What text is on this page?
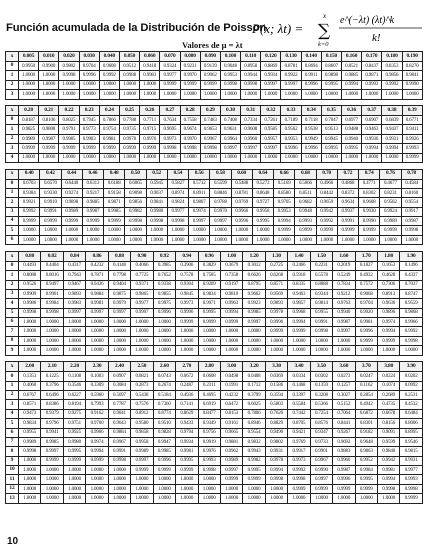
Función acumulada de la Distribución de Poisson
P(x; λt) = ∑
x
k=0
e^(−λt) (λt)^k
k!
Valores de μ = λt
x	0.005	0.010	0.020	0.030	0.040	0.050	0.060	0.070	0.080	0.090	0.100	0.110	0.120	0.130	0.140	0.150	0.160	0.170	0.180	0.190
0	0.9950	0.9900	0.9802	0.9704	0.9608	0.9512	0.9418	0.9324	0.9231	0.9139	0.9048	0.8958	0.8869	0.8781	0.8694	0.8607	0.8521	0.8437	0.8353	0.8270
1	1.0000	1.0000	0.9998	0.9996	0.9992	0.9988	0.9983	0.9977	0.9970	0.9962	0.9953	0.9944	0.9934	0.9922	0.9911	0.9898	0.9885	0.9871	0.9856	0.9841
2	1.0000	1.0000	1.0000	1.0000	1.0000	1.0000	1.0000	0.9999	0.9999	0.9999	0.9998	0.9998	0.9997	0.9997	0.9996	0.9995	0.9994	0.9993	0.9992	0.9990
3	1.0000	1.0000	1.0000	1.0000	1.0000	1.0000	1.0000	1.0000	1.0000	1.0000	1.0000	1.0000	1.0000	1.0000	1.0000	1.0000	1.0000	1.0000	1.0000	1.0000
x	0.20	0.21	0.22	0.23	0.24	0.25	0.26	0.27	0.28	0.29	0.30	0.31	0.32	0.33	0.34	0.35	0.36	0.37	0.38	0.39
0	0.8187	0.8106	0.8025	0.7945	0.7866	0.7788	0.7711	0.7634	0.7558	0.7483	0.7408	0.7334	0.7261	0.7189	0.7118	0.7047	0.6977	0.6907	0.6839	0.6771
1	0.9825	0.9808	0.9791	0.9773	0.9754	0.9735	0.9715	0.9695	0.9674	0.9653	0.9631	0.9608	0.9585	0.9562	0.9538	0.9513	0.9488	0.9463	0.9437	0.9411
2	0.9989	0.9987	0.9985	0.9983	0.9981	0.9978	0.9976	0.9973	0.9970	0.9967	0.9964	0.9960	0.9957	0.9953	0.9949	0.9945	0.9940	0.9936	0.9931	0.9926
3	0.9999	0.9999	0.9999	0.9999	0.9999	0.9999	0.9999	0.9998	0.9998	0.9998	0.9997	0.9997	0.9997	0.9996	0.9996	0.9995	0.9995	0.9994	0.9994	0.9993
4	1.0000	1.0000	1.0000	1.0000	1.0000	1.0000	1.0000	1.0000	1.0000	1.0000	1.0000	1.0000	1.0000	1.0000	1.0000	1.0000	1.0000	1.0000	1.0000	0.9999
x	0.40	0.42	0.44	0.46	0.48	0.50	0.52	0.54	0.56	0.58	0.60	0.64	0.66	0.68	0.70	0.72	0.74	0.76	0.78
0	0.6703	0.6570	0.6440	0.6313	0.6188	0.6065	0.5945	0.5827	0.5712	0.5599	0.5488	0.5273	0.5169	0.5066	0.4966	0.4868	0.4771	0.4677	0.4584
1	0.9384	0.9330	0.9274	0.9217	0.9158	0.9098	0.9037	0.8974	0.8911	0.8846	0.8781	0.8648	0.8580	0.8511	0.8442	0.8372	0.8302	0.8231	0.8160
2	0.9921	0.9910	0.9898	0.9885	0.9871	0.9856	0.9841	0.9824	0.9807	0.9788	0.9769	0.9727	0.9705	0.9682	0.9659	0.9634	0.9608	0.9582	0.9554
3	0.9992	0.9991	0.9989	0.9987	0.9985	0.9982	0.9980	0.9977	0.9974	0.9970	0.9966	0.9958	0.9953	0.9948	0.9942	0.9937	0.9930	0.9924	0.9917
4	0.9999	0.9999	0.9999	0.9999	0.9999	0.9998	0.9998	0.9998	0.9997	0.9997	0.9996	0.9995	0.9994	0.9993	0.9992	0.9991	0.9990	0.9989	0.9987
5	1.0000	1.0000	1.0000	1.0000	1.0000	1.0000	1.0000	1.0000	1.0000	1.0000	1.0000	1.0000	0.9999	0.9999	0.9999	0.9999	0.9999	0.9999	0.9998
6	1.0000	1.0000	1.0000	1.0000	1.0000	1.0000	1.0000	1.0000	1.0000	1.0000	1.0000	1.0000	1.0000	1.0000	1.0000	1.0000	1.0000	1.0000	1.0000
x	0.80	0.82	0.84	0.86	0.88	0.90	0.92	0.94	0.96	1.00	1.20	1.30	1.40	1.50	1.60	1.70	1.80	1.90
0	0.4493	0.4404	0.4317	0.4232	0.4148	0.4066	0.3985	0.3906	0.3829	0.3679	0.3012	0.2725	0.2466	0.2231	0.2019	0.1827	0.1653	0.1496
1	0.8088	0.8016	0.7943	0.7871	0.7798	0.7725	0.7652	0.7578	0.7505	0.7358	0.6626	0.6268	0.5918	0.5578	0.5249	0.4932	0.4628	0.4337
2	0.9526	0.9497	0.9467	0.9436	0.9404	0.9371	0.9338	0.9304	0.9269	0.9197	0.8795	0.8571	0.8335	0.8088	0.7834	0.7572	0.7306	0.7037
3	0.9909	0.9901	0.9893	0.9884	0.9875	0.9865	0.9855	0.9845	0.9834	0.9810	0.9662	0.9569	0.9463	0.9344	0.9212	0.9068	0.8913	0.8747
4	0.9986	0.9984	0.9983	0.9981	0.9979	0.9977	0.9975	0.9973	0.9971	0.9963	0.9923	0.9893	0.9857	0.9814	0.9763	0.9704	0.9636	0.9559
5	0.9998	0.9998	0.9997	0.9997	0.9997	0.9997	0.9996	0.9996	0.9995	0.9994	0.9985	0.9978	0.9968	0.9955	0.9940	0.9920	0.9896	0.9868
6	1.0000	1.0000	1.0000	1.0000	1.0000	1.0000	1.0000	0.9999	0.9999	0.9999	0.9997	0.9996	0.9994	0.9991	0.9987	0.9981	0.9974	0.9966
7	1.0000	1.0000	1.0000	1.0000	1.0000	1.0000	1.0000	1.0000	1.0000	1.0000	1.0000	0.9999	0.9999	0.9998	0.9997	0.9996	0.9994	0.9992
8	1.0000	1.0000	1.0000	1.0000	1.0000	1.0000	1.0000	1.0000	1.0000	1.0000	1.0000	1.0000	1.0000	1.0000	1.0000	0.9999	0.9999	0.9998
9	1.0000	1.0000	1.0000	1.0000	1.0000	1.0000	1.0000	1.0000	1.0000	1.0000	1.0000	1.0000	1.0000	1.0000	1.0000	1.0000	1.0000	1.0000
x	2.00	2.10	2.20	2.30	2.40	2.50	2.60	2.70	2.80	3.00	3.20	3.30	3.40	3.50	3.60	3.70	3.80	3.90
0	0.1353	0.1225	0.1108	0.1003	0.0907	0.0821	0.0743	0.0672	0.0608	0.0498	0.0408	0.0369	0.0334	0.0302	0.0273	0.0247	0.0224	0.0202
1	0.4060	0.3796	0.3546	0.3309	0.3084	0.2873	0.2674	0.2487	0.2311	0.1991	0.1712	0.1586	0.1468	0.1359	0.1257	0.1162	0.1074	0.0992
2	0.6767	0.6496	0.6227	0.5960	0.5697	0.5438	0.5184	0.4936	0.4695	0.4232	0.3799	0.3594	0.3397	0.3208	0.3027	0.2854	0.2689	0.2531
3	0.8571	0.8386	0.8194	0.7993	0.7787	0.7576	0.7360	0.7141	0.6919	0.6472	0.6025	0.5803	0.5584	0.5366	0.5152	0.4942	0.4735	0.4532
4	0.9473	0.9379	0.9275	0.9162	0.9041	0.8912	0.8774	0.8629	0.8477	0.8153	0.7806	0.7626	0.7442	0.7254	0.7064	0.6872	0.6678	0.6484
5	0.9834	0.9796	0.9751	0.9700	0.9643	0.9580	0.9510	0.9433	0.9349	0.9161	0.8946	0.8829	0.8705	0.8576	0.8441	0.8301	0.8156	0.8006
6	0.9955	0.9941	0.9925	0.9906	0.9884	0.9858	0.9828	0.9794	0.9756	0.9665	0.9554	0.9490	0.9421	0.9347	0.9267	0.9182	0.9091	0.8995
7	0.9989	0.9985	0.9980	0.9974	0.9967	0.9958	0.9947	0.9934	0.9919	0.9881	0.9832	0.9802	0.9769	0.9733	0.9692	0.9648	0.9599	0.9546
8	0.9998	0.9997	0.9995	0.9994	0.9991	0.9989	0.9985	0.9981	0.9976	0.9962	0.9943	0.9931	0.9917	0.9901	0.9883	0.9863	0.9840	0.9815
9	1.0000	0.9999	0.9999	0.9999	0.9998	0.9997	0.9996	0.9995	0.9993	0.9989	0.9982	0.9978	0.9973	0.9967	0.9960	0.9952	0.9942	0.9931
10	1.0000	1.0000	1.0000	1.0000	1.0000	0.9999	0.9999	0.9999	0.9998	0.9997	0.9995	0.9994	0.9992	0.9990	0.9987	0.9984	0.9981	0.9977
11	1.0000	1.0000	1.0000	1.0000	1.0000	1.0000	1.0000	1.0000	1.0000	0.9999	0.9999	0.9998	0.9998	0.9997	0.9996	0.9995	0.9994	0.9993
12	1.0000	1.0000	1.0000	1.0000	1.0000	1.0000	1.0000	1.0000	1.0000	1.0000	1.0000	1.0000	0.9999	0.9999	0.9999	0.9999	0.9998	0.9998
13	1.0000	1.0000	1.0000	1.0000	1.0000	1.0000	1.0000	1.0000	1.0000	1.0000	1.0000	1.0000	1.0000	1.0000	1.0000	1.0000	1.0000	0.9999
10
